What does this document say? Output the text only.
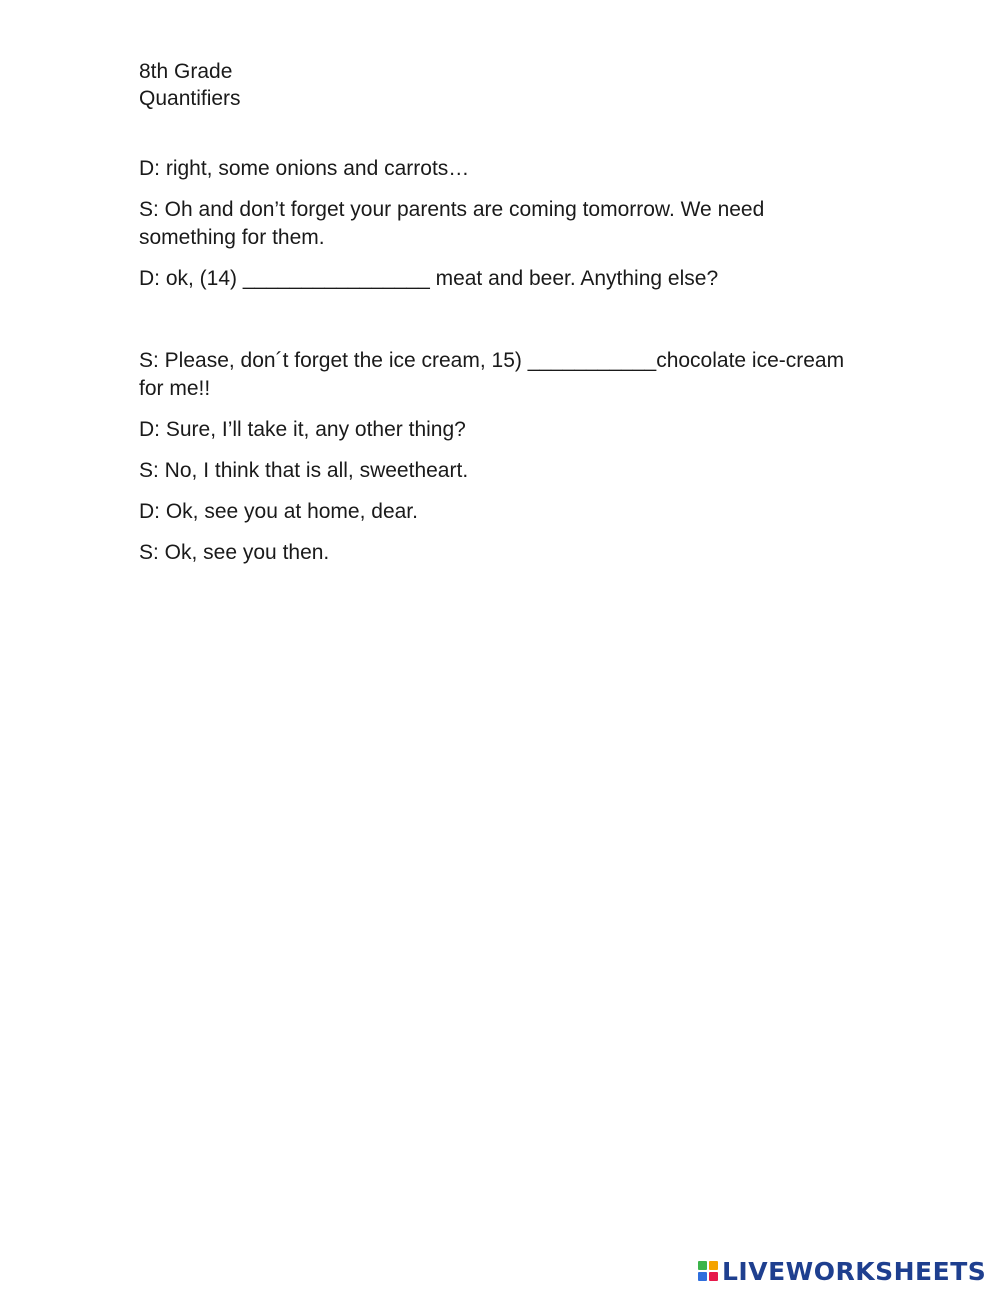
8th Grade
Quantifiers
D: right, some onions and carrots…
S: Oh and don’t forget your parents are coming tomorrow. We need something for them.
D: ok, (14) ________________ meat and beer. Anything else?
S: Please, don´t forget the ice cream, 15) ___________chocolate ice-cream for me!!
D: Sure, I’ll take it, any other thing?
S: No, I think that is all, sweetheart.
D: Ok, see you at home, dear.
S: Ok, see you then.
LIVEWORKSHEETS
